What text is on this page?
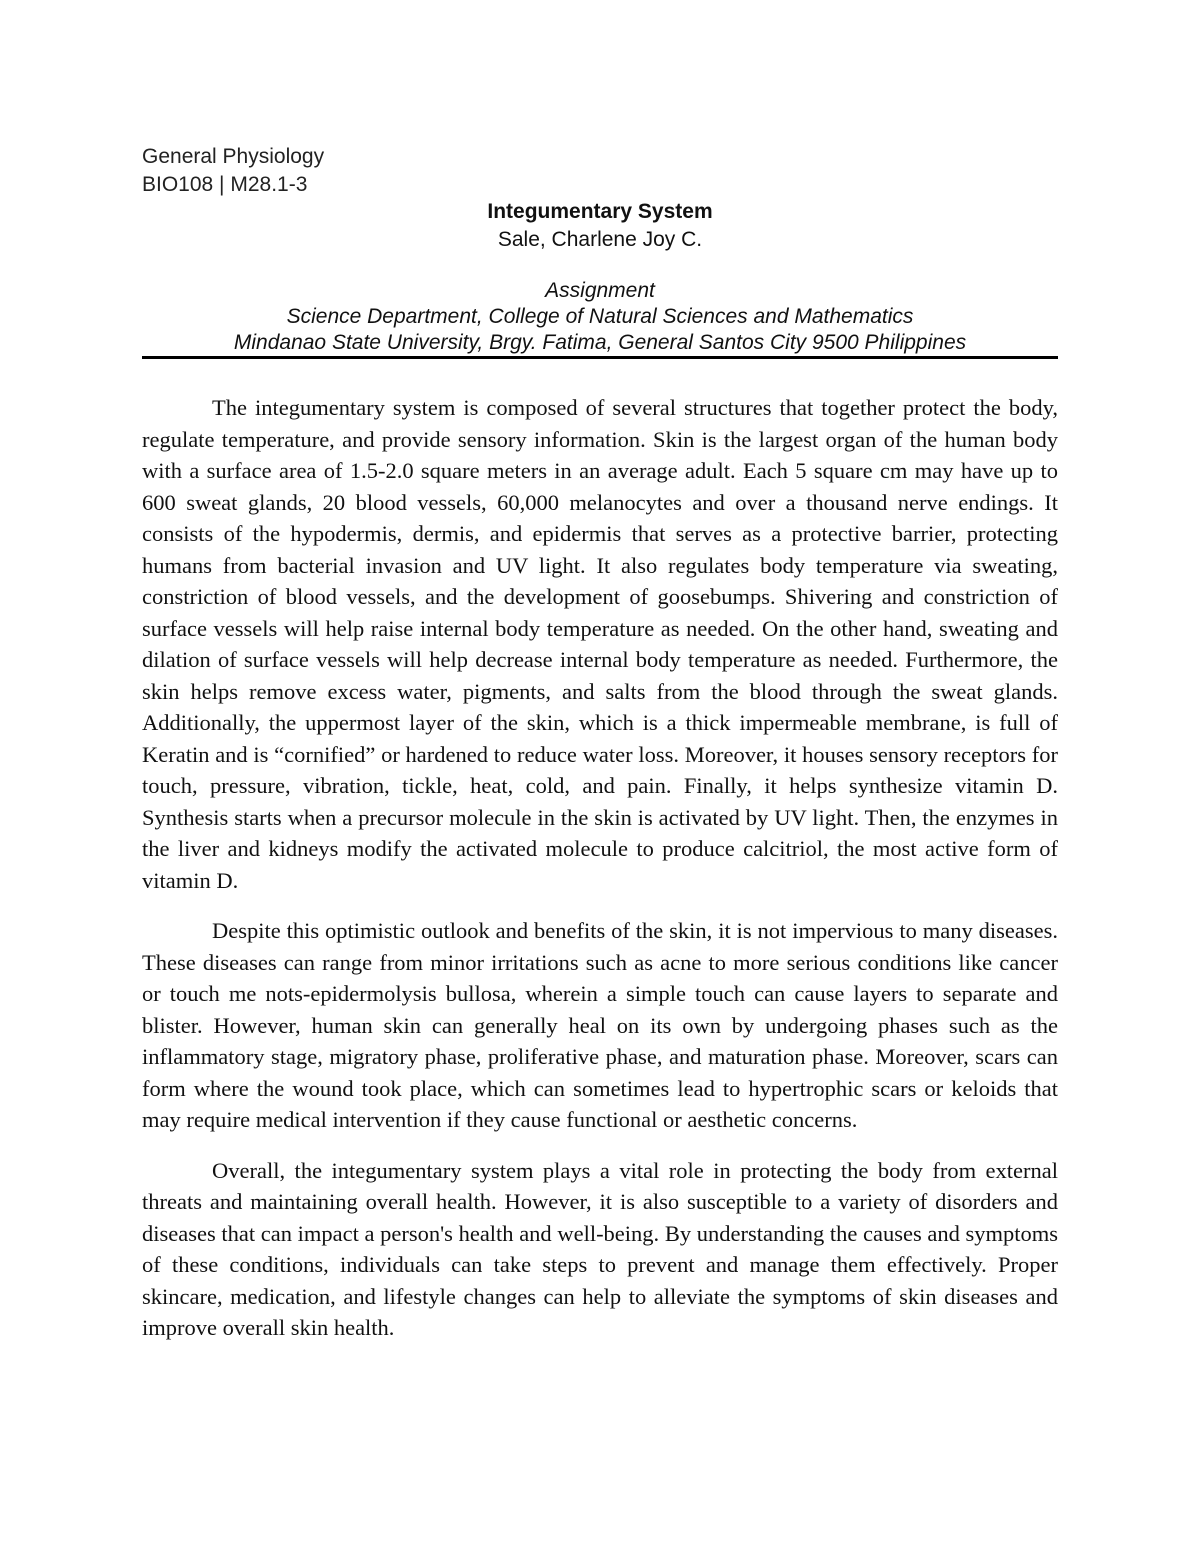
General Physiology
BIO108 | M28.1-3
Integumentary System
Sale, Charlene Joy C.
Assignment
Science Department, College of Natural Sciences and Mathematics
Mindanao State University, Brgy. Fatima, General Santos City 9500 Philippines

The integumentary system is composed of several structures that together protect the body, regulate temperature, and provide sensory information. Skin is the largest organ of the human body with a surface area of 1.5-2.0 square meters in an average adult. Each 5 square cm may have up to 600 sweat glands, 20 blood vessels, 60,000 melanocytes and over a thousand nerve endings. It consists of the hypodermis, dermis, and epidermis that serves as a protective barrier, protecting humans from bacterial invasion and UV light. It also regulates body temperature via sweating, constriction of blood vessels, and the development of goosebumps. Shivering and constriction of surface vessels will help raise internal body temperature as needed. On the other hand, sweating and dilation of surface vessels will help decrease internal body temperature as needed. Furthermore, the skin helps remove excess water, pigments, and salts from the blood through the sweat glands. Additionally, the uppermost layer of the skin, which is a thick impermeable membrane, is full of Keratin and is “cornified” or hardened to reduce water loss. Moreover, it houses sensory receptors for touch, pressure, vibration, tickle, heat, cold, and pain. Finally, it helps synthesize vitamin D. Synthesis starts when a precursor molecule in the skin is activated by UV light. Then, the enzymes in the liver and kidneys modify the activated molecule to produce calcitriol, the most active form of vitamin D.

Despite this optimistic outlook and benefits of the skin, it is not impervious to many diseases. These diseases can range from minor irritations such as acne to more serious conditions like cancer or touch me nots-epidermolysis bullosa, wherein a simple touch can cause layers to separate and blister. However, human skin can generally heal on its own by undergoing phases such as the inflammatory stage, migratory phase, proliferative phase, and maturation phase. Moreover, scars can form where the wound took place, which can sometimes lead to hypertrophic scars or keloids that may require medical intervention if they cause functional or aesthetic concerns.

Overall, the integumentary system plays a vital role in protecting the body from external threats and maintaining overall health. However, it is also susceptible to a variety of disorders and diseases that can impact a person's health and well-being. By understanding the causes and symptoms of these conditions, individuals can take steps to prevent and manage them effectively. Proper skincare, medication, and lifestyle changes can help to alleviate the symptoms of skin diseases and improve overall skin health.
